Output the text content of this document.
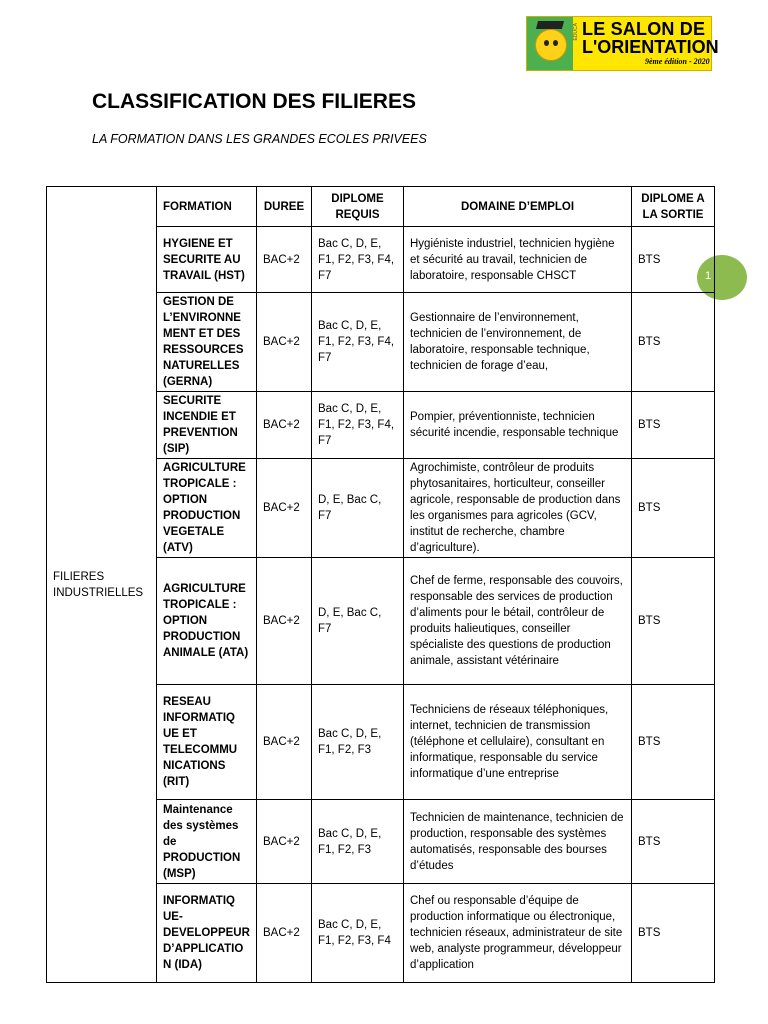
EDUCA LE SALON DE
L'ORIENTATION
9ème édition - 2020
CLASSIFICATION DES FILIERES

LA FORMATION DANS LES GRANDES ECOLES PRIVEES

1
FILIERES INDUSTRIELLES	FORMATION	DUREE	DIPLOME REQUIS	DOMAINE D’EMPLOI	DIPLOME A LA SORTIE
	HYGIENE ET SECURITE AU TRAVAIL (HST)	BAC+2	Bac C, D, E, F1, F2, F3, F4, F7	Hygiéniste industriel, technicien hygiène et sécurité au travail, technicien de laboratoire, responsable CHSCT	BTS
	GESTION DE L’ENVIRONNE MENT ET DES RESSOURCES NATURELLES (GERNA)	BAC+2	Bac C, D, E, F1, F2, F3, F4, F7	Gestionnaire de l’environnement, technicien de l’environnement, de laboratoire, responsable technique, technicien de forage d’eau,	BTS
	SECURITE INCENDIE ET PREVENTION (SIP)	BAC+2	Bac C, D, E, F1, F2, F3, F4, F7	Pompier, préventionniste, technicien sécurité incendie, responsable technique	BTS
	AGRICULTURE TROPICALE : OPTION PRODUCTION VEGETALE (ATV)	BAC+2	D, E, Bac C, F7	Agrochimiste, contrôleur de produits phytosanitaires, horticulteur, conseiller agricole, responsable de production dans les organismes para agricoles (GCV, institut de recherche, chambre d’agriculture).	BTS
	AGRICULTURE TROPICALE : OPTION PRODUCTION ANIMALE (ATA)	BAC+2	D, E, Bac C, F7	Chef de ferme, responsable des couvoirs, responsable des services de production d’aliments pour le bétail, contrôleur de produits halieutiques, conseiller spécialiste des questions de production animale, assistant vétérinaire	BTS
	RESEAU INFORMATIQ UE ET TELECOMMU NICATIONS (RIT)	BAC+2	Bac C, D, E, F1, F2, F3	Techniciens de réseaux téléphoniques, internet, technicien de transmission (téléphone et cellulaire), consultant en informatique, responsable du service informatique d’une entreprise	BTS
	Maintenance des systèmes de PRODUCTION (MSP)	BAC+2	Bac C, D, E, F1, F2, F3	Technicien de maintenance, technicien de production, responsable des systèmes automatisés, responsable des bourses d’études	BTS
	INFORMATIQ UE-DEVELOPPEUR D’APPLICATIO N (IDA)	BAC+2	Bac C, D, E, F1, F2, F3, F4	Chef ou responsable d’équipe de production informatique ou électronique, technicien réseaux, administrateur de site web, analyste programmeur, développeur d’application	BTS
